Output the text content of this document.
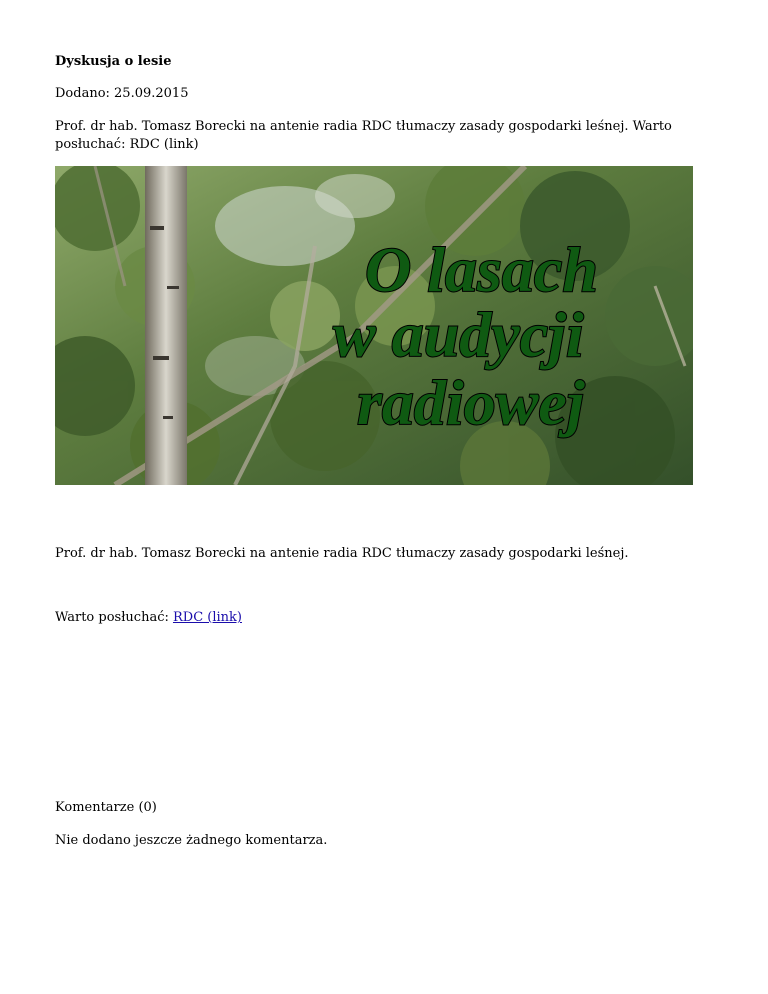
Dyskusja o lesie
Dodano: 25.09.2015
Prof. dr hab. Tomasz Borecki na antenie radia RDC tłumaczy zasady gospodarki leśnej. Warto posłuchać: RDC (link)
O lasach
w audycji
radiowej
Prof. dr hab. Tomasz Borecki na antenie radia RDC tłumaczy zasady gospodarki leśnej.
Warto posłuchać: RDC (link)
Komentarze (0)
Nie dodano jeszcze żadnego komentarza.
